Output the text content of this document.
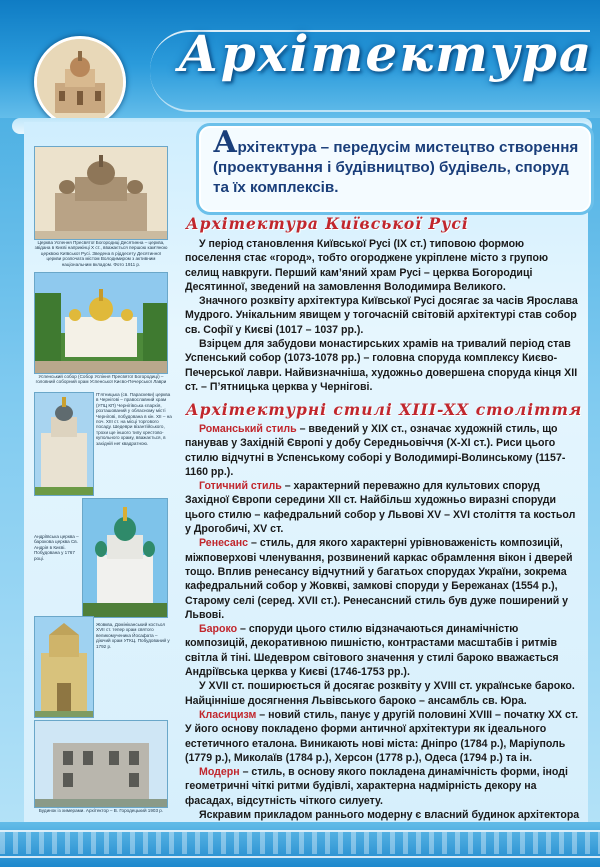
Архітектура
Церква Успення Пресвятої Богородиці Десятинна – церква, звідана в Києві наприкінці X ст., вважається першою кам’яною церквою Київської Русі. Зведена в ріддесету Десятинної церкви розпочата містом Володимиром з активним національним вкладом. Фото 1911 р.
Успенський собор (Собор Успіння Пресвятої Богородиці) – головний соборний храм Успенської Києво-Печерської Лаври
П’ятницька (св. Параскеви) церква в Чернігові – православний храм (УПЦ КП) Чернігівська єпархія, розташований у обласному місті Чернігові, побудована в кін. XII – на поч. XIII ст. на місці торгового посаду. Шедеври візантійського, трохи ще іншого типу хрестово-купольного храму, вважається, в західній неї квадратною.
Андріївська церква – барокова церква Св. Андрія в Києві. Побудована у 1767 році.
Жовква, Домініканський костьол XVII ст. тепер храм святого великомученика Йосафата – діючий храм УГКЦ. Побудований у 1792 р.
Будинок із химерами. Архітектор – В. Городецький 1903 р.
Архітектура – передусім мистецтво створення (проектування і будівництво) будівель, споруд та їх комплексів.
Архітектура Київської Русі

У період становлення Київської Русі (IX ст.) типовою формою поселення стає «город», тобто огороджене укріплене місто з групою селищ навкруги. Перший кам’яний храм Русі – церква Богородиці Десятинної, зведений на замовлення Володимира Великого.

Значного розквіту архітектура Київської Русі досягає за часів Ярослава Мудрого. Унікальним явищем у тогочасній світовій архітектурі став собор св. Софії у Києві (1017 – 1037 рр.).

Взірцем для забудови монастирських храмів на тривалий період став Успенський собор (1073-1078 рр.) – головна споруда комплексу Києво-Печерської лаври. Найвизначніша, художньо довершена споруда кінця XII ст. – П’ятницька церква у Чернігові.

Архітектурні стилі XIII-XX століття

Романський стиль – введений у XIX ст., означає художній стиль, що панував у Західній Європі у добу Середньовіччя (X-XI ст.). Риси цього стилю відчутні в Успенському соборі у Володимирі-Волинському (1157-1160 рр.).

Готичний стиль – характерний переважно для культових споруд Західної Європи середини XII ст. Найбільш художньо виразні споруди цього стилю – кафедральний собор у Львові XV – XVI століття та костьол у Дрогобичі, XV ст.

Ренесанс – стиль, для якого характерні урівноваженість композицій, міжповерхові членування, розвинений каркас обрамлення вікон і дверей тощо. Вплив ренесансу відчутний у багатьох спорудах України, зокрема кафедральний собор у Жовкві, замкові споруди у Бережанах (1554 р.), Старому селі (серед. XVII ст.). Ренесансний стиль був дуже поширений у Львові.

Бароко – споруди цього стилю відзначаються динамічністю композицій, декоративною пишністю, контрастами масштабів і ритмів світла й тіні. Шедевром світового значення у стилі бароко вважається Андріївська церква у Києві (1746-1753 рр.).

У XVII ст. поширюється й досягає розквіту у XVIII ст. українське бароко. Найцінніше досягнення Львівського бароко – ансамбль св. Юра.

Класицизм – новий стиль, панує у другій половині XVIII – початку XX ст. У його основу покладено форми античної архітектури як ідеального естетичного еталона. Виникають нові міста: Дніпро (1784 р.), Маріуполь (1779 р.), Миколаїв (1784 р.), Херсон (1778 р.), Одеса (1794 р.) та ін.

Модерн – стиль, в основу якого покладена динамічність форми, іноді геометричні чіткі ритми будівлі, характерна надмірність декору на фасадах, відсутність чіткого силуету.

Яскравим прикладом раннього модерну є власний будинок архітектора
